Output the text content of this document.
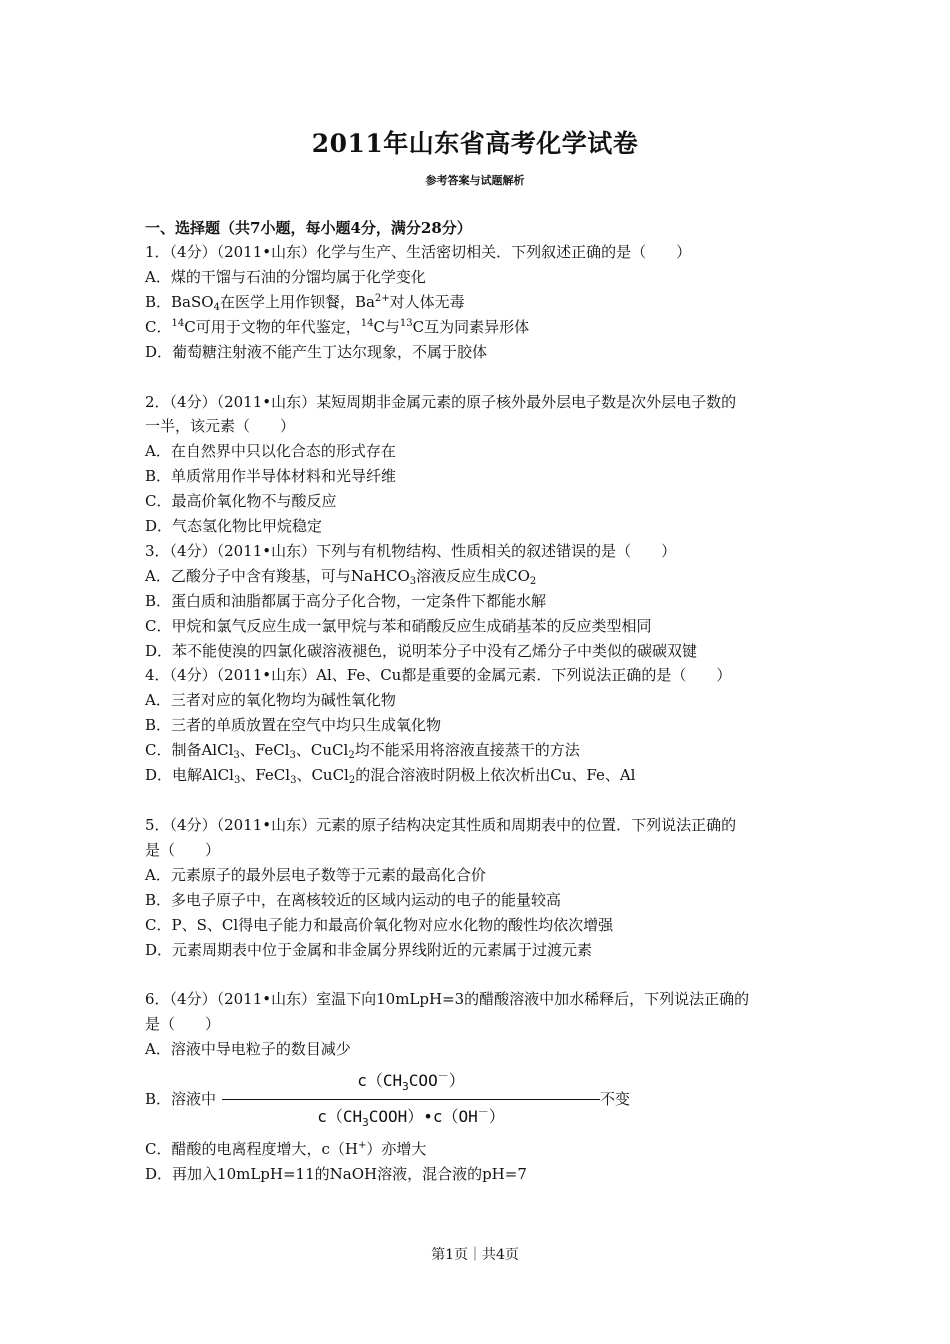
2011年山东省高考化学试卷
参考答案与试题解析
一、选择题（共7小题，每小题4分，满分28分）
1．（4分）（2011•山东）化学与生产、生活密切相关．下列叙述正确的是（　　）
A．煤的干馏与石油的分馏均属于化学变化
B．BaSO$_4$在医学上用作钡餐，$Ba^{2+}$对人体无毒
C．$^{14}$C可用于文物的年代鉴定，$^{14}$C与$^{13}$C互为同素异形体
D．葡萄糖注射液不能产生丁达尔现象，不属于胶体
2．（4分）（2011•山东）某短周期非金属元素的原子核外最外层电子数是次外层电子数的
一半，该元素（　　）
A．在自然界中只以化合态的形式存在
B．单质常用作半导体材料和光导纤维
C．最高价氧化物不与酸反应
D．气态氢化物比甲烷稳定
3．（4分）（2011•山东）下列与有机物结构、性质相关的叙述错误的是（　　）
A．乙酸分子中含有羧基，可与NaHCO$_3$溶液反应生成$CO_2$
B．蛋白质和油脂都属于高分子化合物，一定条件下都能水解
C．甲烷和氯气反应生成一氯甲烷与苯和硝酸反应生成硝基苯的反应类型相同
D．苯不能使溴的四氯化碳溶液褪色，说明苯分子中没有乙烯分子中类似的碳碳双键
4．（4分）（2011•山东）Al、Fe、Cu都是重要的金属元素．下列说法正确的是（　　）
A．三者对应的氧化物均为碱性氧化物
B．三者的单质放置在空气中均只生成氧化物
C．制备AlCl$_3$、FeCl$_3$、CuCl$_2$均不能采用将溶液直接蒸干的方法
D．电解AlCl$_3$、FeCl$_3$、CuCl$_2$的混合溶液时阴极上依次析出Cu、Fe、Al
5．（4分）（2011•山东）元素的原子结构决定其性质和周期表中的位置．下列说法正确的
是（　　）
A．元素原子的最外层电子数等于元素的最高化合价
B．多电子原子中，在离核较近的区域内运动的电子的能量较高
C．P、S、Cl得电子能力和最高价氧化物对应水化物的酸性均依次增强
D．元素周期表中位于金属和非金属分界线附近的元素属于过渡元素
6．（4分）（2011•山东）室温下向10mLpH=3的醋酸溶液中加水稀释后，下列说法正确的
是（　　）
A．溶液中导电粒子的数目减少
B．溶液中
$c(CH_3COO^-)$
$c(CH_3COOH)•c(OH^-)$
不变
C．醋酸的电离程度增大，c（H+）亦增大
D．再加入10mLpH=11的NaOH溶液，混合液的pH=7
第1页｜共4页
